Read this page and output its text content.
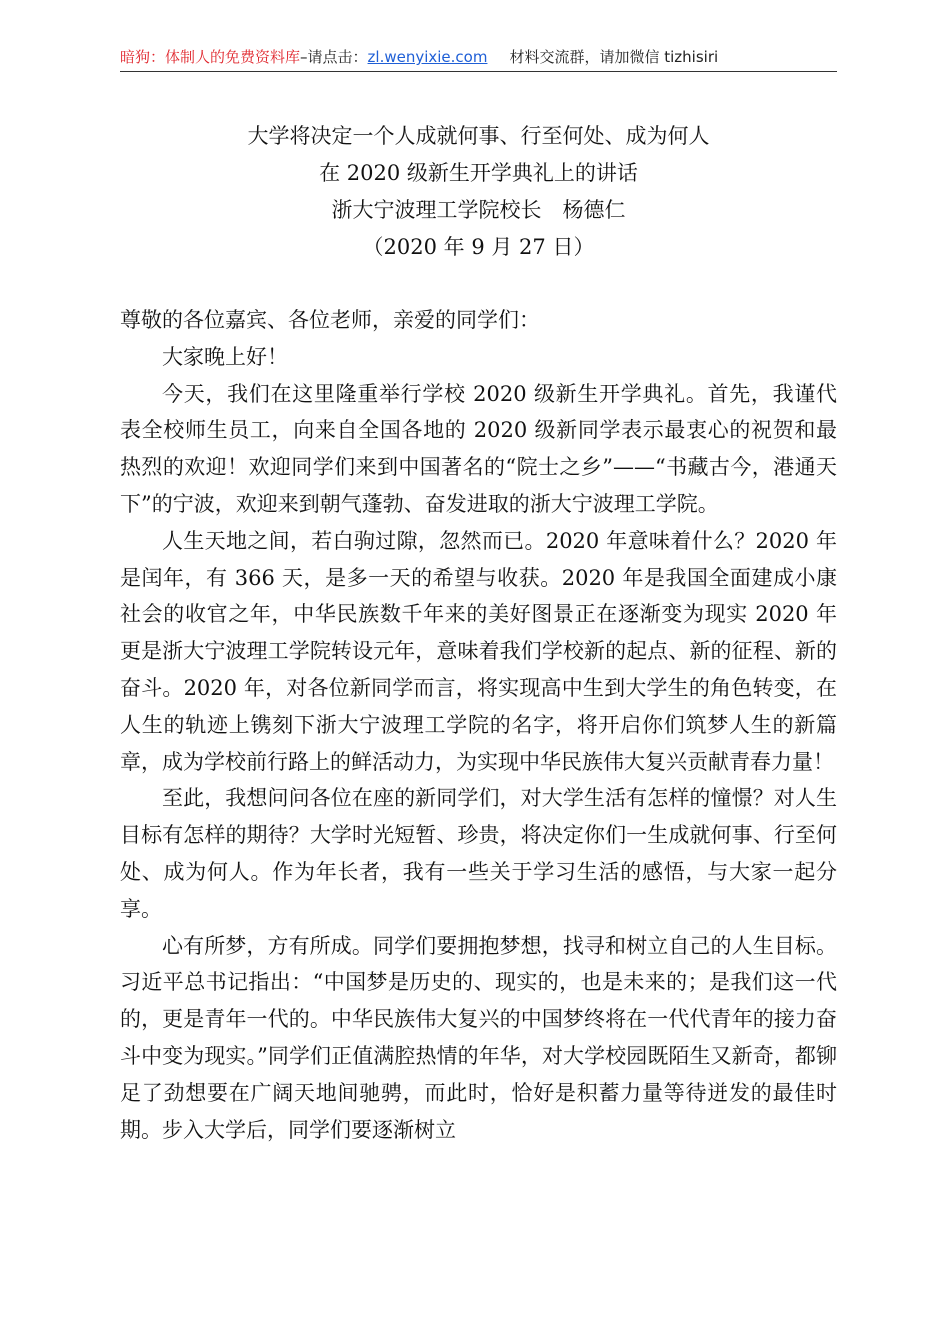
暗狗：体制人的免费资料库–请点击：zl.wenyixie.com 材料交流群，请加微信 tizhisiri
大学将决定一个人成就何事、行至何处、成为何人
在 2020 级新生开学典礼上的讲话
浙大宁波理工学院校长　杨德仁
（2020 年 9 月 27 日）

尊敬的各位嘉宾、各位老师，亲爱的同学们：

大家晚上好！

今天，我们在这里隆重举行学校 2020 级新生开学典礼。首先，我谨代表全校师生员工，向来自全国各地的 2020 级新同学表示最衷心的祝贺和最热烈的欢迎！欢迎同学们来到中国著名的“院士之乡”——“书藏古今，港通天下”的宁波，欢迎来到朝气蓬勃、奋发进取的浙大宁波理工学院。

人生天地之间，若白驹过隙，忽然而已。2020 年意味着什么？2020 年是闰年，有 366 天，是多一天的希望与收获。2020 年是我国全面建成小康社会的收官之年，中华民族数千年来的美好图景正在逐渐变为现实 2020 年更是浙大宁波理工学院转设元年，意味着我们学校新的起点、新的征程、新的奋斗。2020 年，对各位新同学而言，将实现高中生到大学生的角色转变，在人生的轨迹上镌刻下浙大宁波理工学院的名字，将开启你们筑梦人生的新篇章，成为学校前行路上的鲜活动力，为实现中华民族伟大复兴贡献青春力量！

至此，我想问问各位在座的新同学们，对大学生活有怎样的憧憬？对人生目标有怎样的期待？大学时光短暂、珍贵，将决定你们一生成就何事、行至何处、成为何人。作为年长者，我有一些关于学习生活的感悟，与大家一起分享。

心有所梦，方有所成。同学们要拥抱梦想，找寻和树立自己的人生目标。习近平总书记指出：“中国梦是历史的、现实的，也是未来的；是我们这一代的，更是青年一代的。中华民族伟大复兴的中国梦终将在一代代青年的接力奋斗中变为现实。”同学们正值满腔热情的年华，对大学校园既陌生又新奇，都铆足了劲想要在广阔天地间驰骋，而此时，恰好是积蓄力量等待迸发的最佳时期。步入大学后，同学们要逐渐树立
